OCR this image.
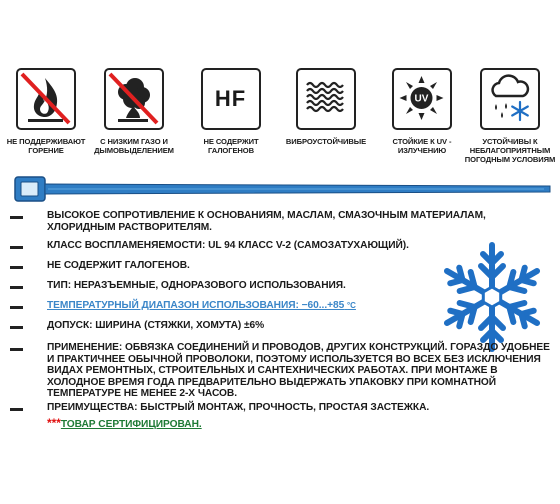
НЕ ПОДДЕРЖИВАЮТ ГОРЕНИЕ
С НИЗКИМ ГАЗО И ДЫМОВЫДЕЛЕНИЕМ
HF
НЕ СОДЕРЖИТ ГАЛОГЕНОВ
ВИБРОУСТОЙЧИВЫЕ
UV
СТОЙКИЕ К UV - ИЗЛУЧЕНИЮ
УСТОЙЧИВЫ К НЕБЛАГОПРИЯТНЫМ ПОГОДНЫМ УСЛОВИЯМ
ВЫСОКОЕ СОПРОТИВЛЕНИЕ К ОСНОВАНИЯМ, МАСЛАМ, СМАЗОЧНЫМ МАТЕРИАЛАМ, ХЛОРИДНЫМ РАСТВОРИТЕЛЯМ.
КЛАСС ВОСПЛАМЕНЯЕМОСТИ: UL 94 КЛАСС V-2 (САМОЗАТУХАЮЩИЙ).
НЕ СОДЕРЖИТ ГАЛОГЕНОВ.
ТИП: НЕРАЗЪЕМНЫЕ, ОДНОРАЗОВОГО ИСПОЛЬЗОВАНИЯ.
ТЕМПЕРАТУРНЫЙ ДИАПАЗОН ИСПОЛЬЗОВАНИЯ: −60...+85 $^{^\circ С}$
ДОПУСК: ШИРИНА (СТЯЖКИ, ХОМУТА) ±6%
ПРИМЕНЕНИЕ: ОБВЯЗКА СОЕДИНЕНИЙ И ПРОВОДОВ, ДРУГИХ КОНСТРУКЦИЙ. ГОРАЗДО УДОБНЕЕ И ПРАКТИЧНЕЕ ОБЫЧНОЙ ПРОВОЛОКИ, ПОЭТОМУ ИСПОЛЬЗУЕТСЯ ВО ВСЕХ БЕЗ ИСКЛЮЧЕНИЯ ВИДАХ РЕМОНТНЫХ, СТРОИТЕЛЬНЫХ И САНТЕХНИЧЕСКИХ РАБОТАХ. ПРИ МОНТАЖЕ В ХОЛОДНОЕ ВРЕМЯ ГОДА ПРЕДВАРИТЕЛЬНО ВЫДЕРЖАТЬ УПАКОВКУ ПРИ КОМНАТНОЙ ТЕМПЕРАТУРЕ НЕ МЕНЕЕ 2-Х ЧАСОВ.
ПРЕИМУЩЕСТВА: БЫСТРЫЙ МОНТАЖ, ПРОЧНОСТЬ, ПРОСТАЯ ЗАСТЕЖКА.
***ТОВАР СЕРТИФИЦИРОВАН.
